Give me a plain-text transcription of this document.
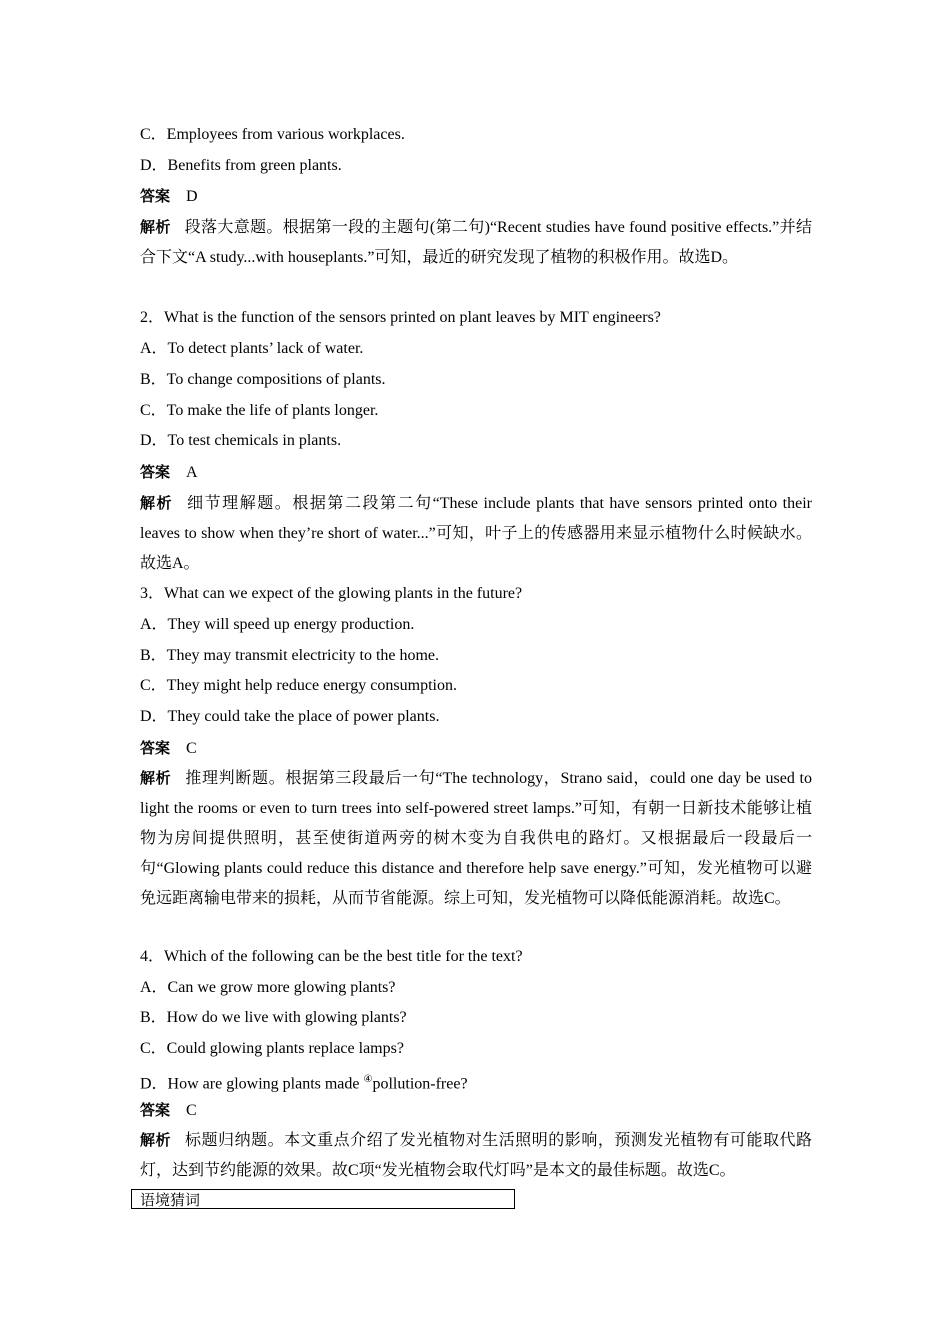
C．Employees from various workplaces.
D．Benefits from green plants.
答案 D
解析 段落大意题。根据第一段的主题句(第二句)“Recent studies have found positive effects.”并结合下文“A study...with houseplants.”可知，最近的研究发现了植物的积极作用。故选D。
2．What is the function of the sensors printed on plant leaves by MIT engineers?
A．To detect plants’ lack of water.
B．To change compositions of plants.
C．To make the life of plants longer.
D．To test chemicals in plants.
答案 A
解析 细节理解题。根据第二段第二句“These include plants that have sensors printed onto their leaves to show when they’re short of water...”可知，叶子上的传感器用来显示植物什么时候缺水。故选A。
3．What can we expect of the glowing plants in the future?
A．They will speed up energy production.
B．They may transmit electricity to the home.
C．They might help reduce energy consumption.
D．They could take the place of power plants.
答案 C
解析 推理判断题。根据第三段最后一句“The technology，Strano said，could one day be used to light the rooms or even to turn trees into self-powered street lamps.”可知，有朝一日新技术能够让植物为房间提供照明，甚至使街道两旁的树木变为自我供电的路灯。又根据最后一段最后一句“Glowing plants could reduce this distance and therefore help save energy.”可知，发光植物可以避免远距离输电带来的损耗，从而节省能源。综上可知，发光植物可以降低能源消耗。故选C。
4．Which of the following can be the best title for the text?
A．Can we grow more glowing plants?
B．How do we live with glowing plants?
C．Could glowing plants replace lamps?
D．How are glowing plants made ④pollution-free?
答案 C
解析 标题归纳题。本文重点介绍了发光植物对生活照明的影响，预测发光植物有可能取代路灯，达到节约能源的效果。故C项“发光植物会取代灯吗”是本文的最佳标题。故选C。
语境猜词
